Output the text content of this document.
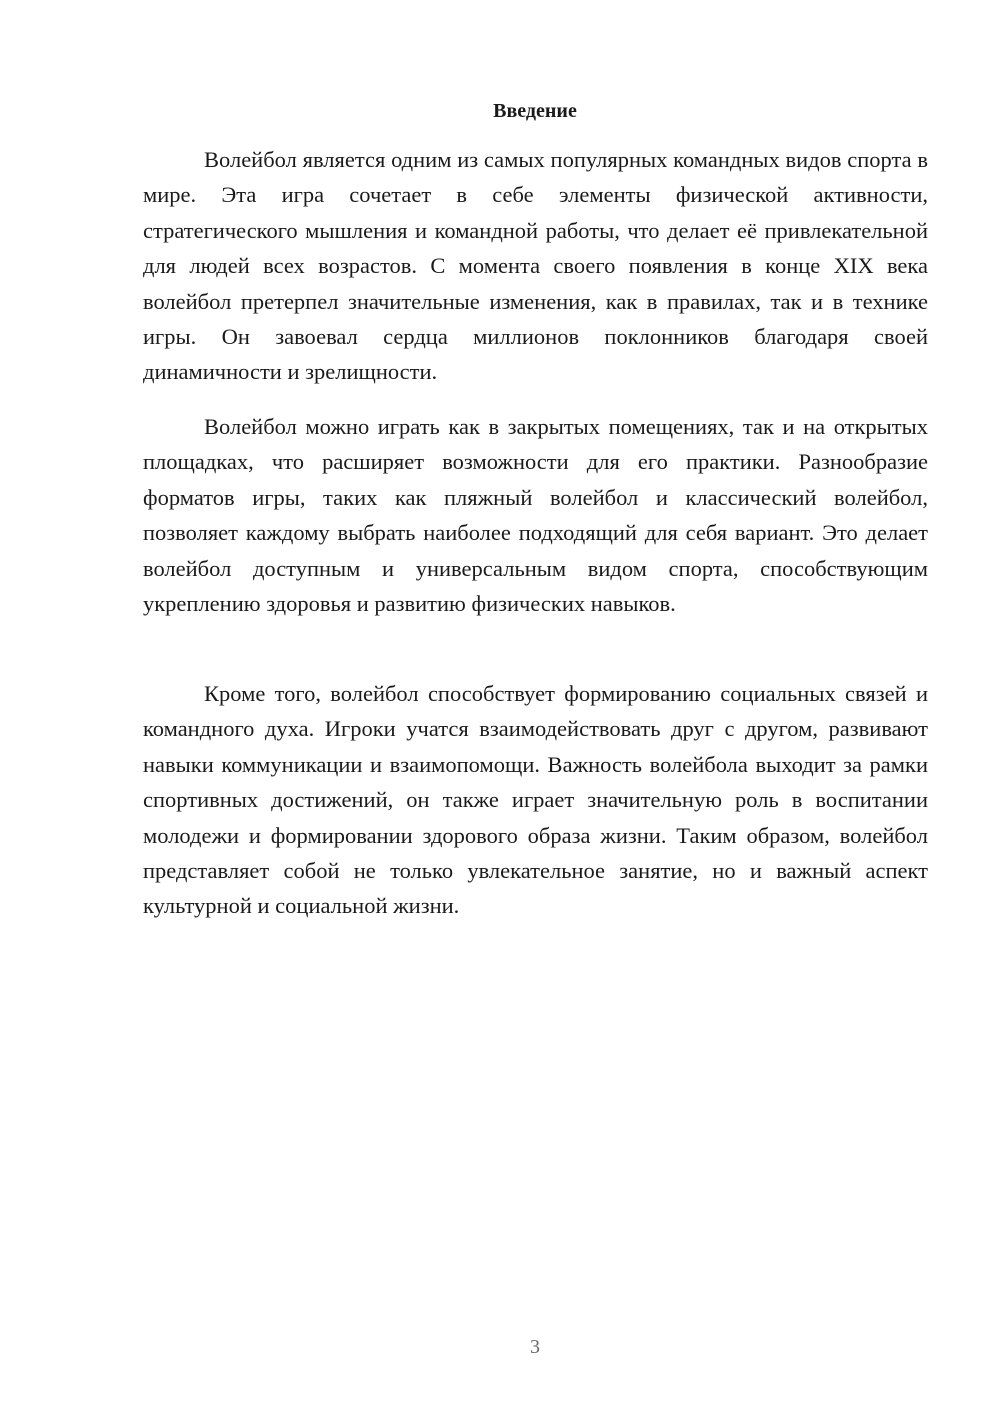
Введение

Волейбол является одним из самых популярных командных видов спорта в мире. Эта игра сочетает в себе элементы физической активности, стратегического мышления и командной работы, что делает её привлекательной для людей всех возрастов. С момента своего появления в конце XIX века волейбол претерпел значительные изменения, как в правилах, так и в технике игры. Он завоевал сердца миллионов поклонников благодаря своей динамичности и зрелищности.

Волейбол можно играть как в закрытых помещениях, так и на открытых площадках, что расширяет возможности для его практики. Разнообразие форматов игры, таких как пляжный волейбол и классический волейбол, позволяет каждому выбрать наиболее подходящий для себя вариант. Это делает волейбол доступным и универсальным видом спорта, способствующим укреплению здоровья и развитию физических навыков.

Кроме того, волейбол способствует формированию социальных связей и командного духа. Игроки учатся взаимодействовать друг с другом, развивают навыки коммуникации и взаимопомощи. Важность волейбола выходит за рамки спортивных достижений, он также играет значительную роль в воспитании молодежи и формировании здорового образа жизни. Таким образом, волейбол представляет собой не только увлекательное занятие, но и важный аспект культурной и социальной жизни.

3
